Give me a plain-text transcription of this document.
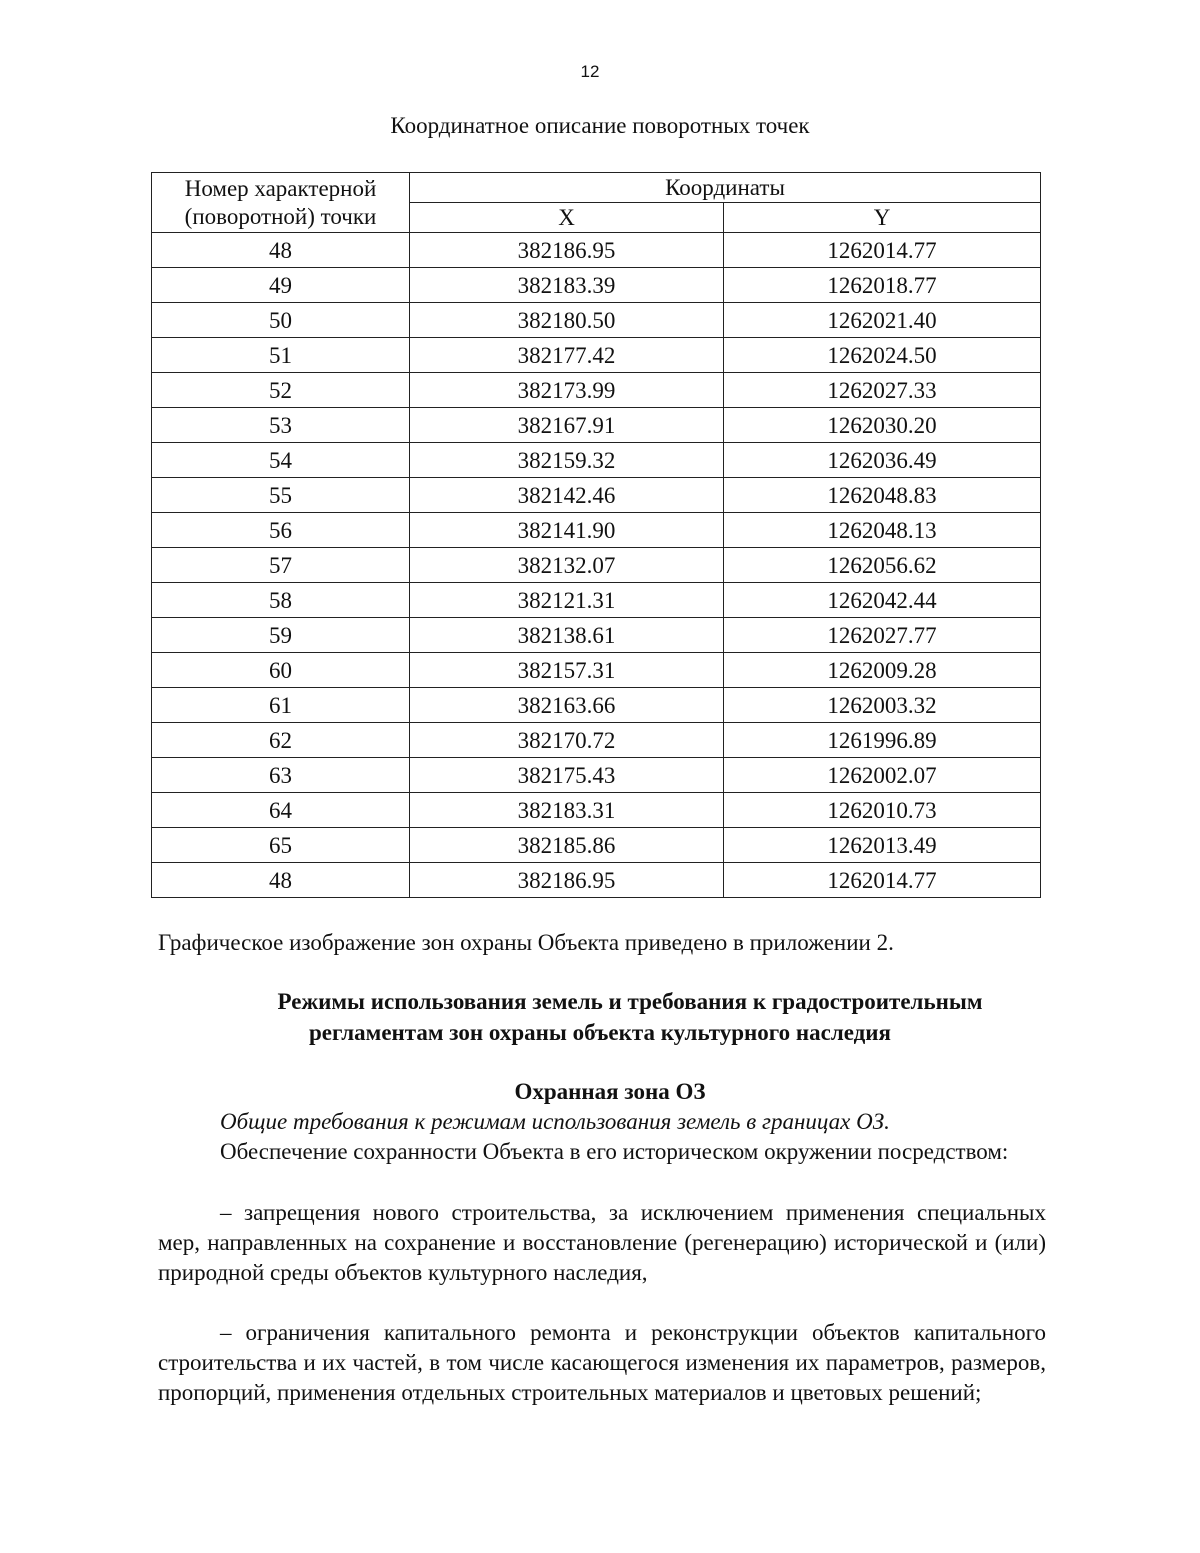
12
Координатное описание поворотных точек
Номер характерной
(поворотной) точки	Координаты	
	X	Y
48	382186.95	1262014.77
49	382183.39	1262018.77
50	382180.50	1262021.40
51	382177.42	1262024.50
52	382173.99	1262027.33
53	382167.91	1262030.20
54	382159.32	1262036.49
55	382142.46	1262048.83
56	382141.90	1262048.13
57	382132.07	1262056.62
58	382121.31	1262042.44
59	382138.61	1262027.77
60	382157.31	1262009.28
61	382163.66	1262003.32
62	382170.72	1261996.89
63	382175.43	1262002.07
64	382183.31	1262010.73
65	382185.86	1262013.49
48	382186.95	1262014.77
Графическое изображение зон охраны Объекта приведено в приложении 2.
Режимы использования земель и требования к градостроительным
регламентам зон охраны объекта культурного наследия
Охранная зона ОЗ
Общие требования к режимам использования земель в границах ОЗ.
Обеспечение сохранности Объекта в его историческом окружении посредством:
– запрещения нового строительства, за исключением применения специальных мер, направленных на сохранение и восстановление (регенерацию) исторической и (или) природной среды объектов культурного наследия,
– ограничения капитального ремонта и реконструкции объектов капитального строительства и их частей, в том числе касающегося изменения их параметров, размеров, пропорций, применения отдельных строительных материалов и цветовых решений;
